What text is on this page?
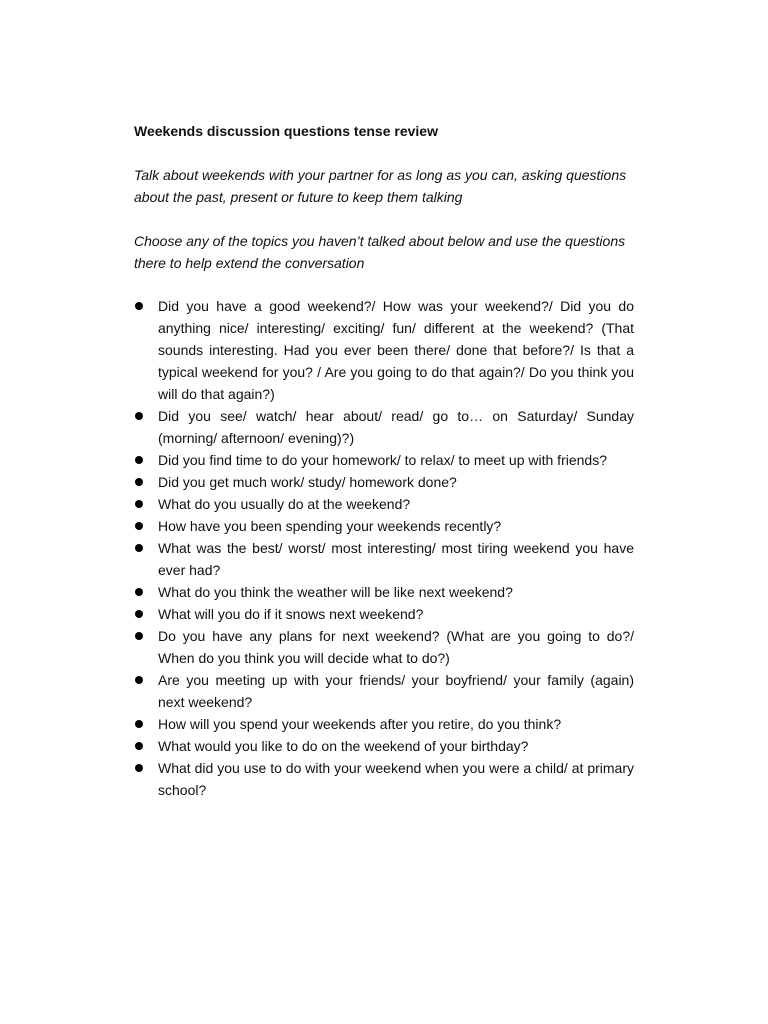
Weekends discussion questions tense review

Talk about weekends with your partner for as long as you can, asking questions about the past, present or future to keep them talking

Choose any of the topics you haven’t talked about below and use the questions there to help extend the conversation

Did you have a good weekend?/ How was your weekend?/ Did you do anything nice/ interesting/ exciting/ fun/ different at the weekend? (That sounds interesting. Had you ever been there/ done that before?/ Is that a typical weekend for you? / Are you going to do that again?/ Do you think you will do that again?)
Did you see/ watch/ hear about/ read/ go to… on Saturday/ Sunday (morning/ afternoon/ evening)?)
Did you find time to do your homework/ to relax/ to meet up with friends?
Did you get much work/ study/ homework done?
What do you usually do at the weekend?
How have you been spending your weekends recently?
What was the best/ worst/ most interesting/ most tiring weekend you have ever had?
What do you think the weather will be like next weekend?
What will you do if it snows next weekend?
Do you have any plans for next weekend? (What are you going to do?/ When do you think you will decide what to do?)
Are you meeting up with your friends/ your boyfriend/ your family (again) next weekend?
How will you spend your weekends after you retire, do you think?
What would you like to do on the weekend of your birthday?
What did you use to do with your weekend when you were a child/ at primary school?
